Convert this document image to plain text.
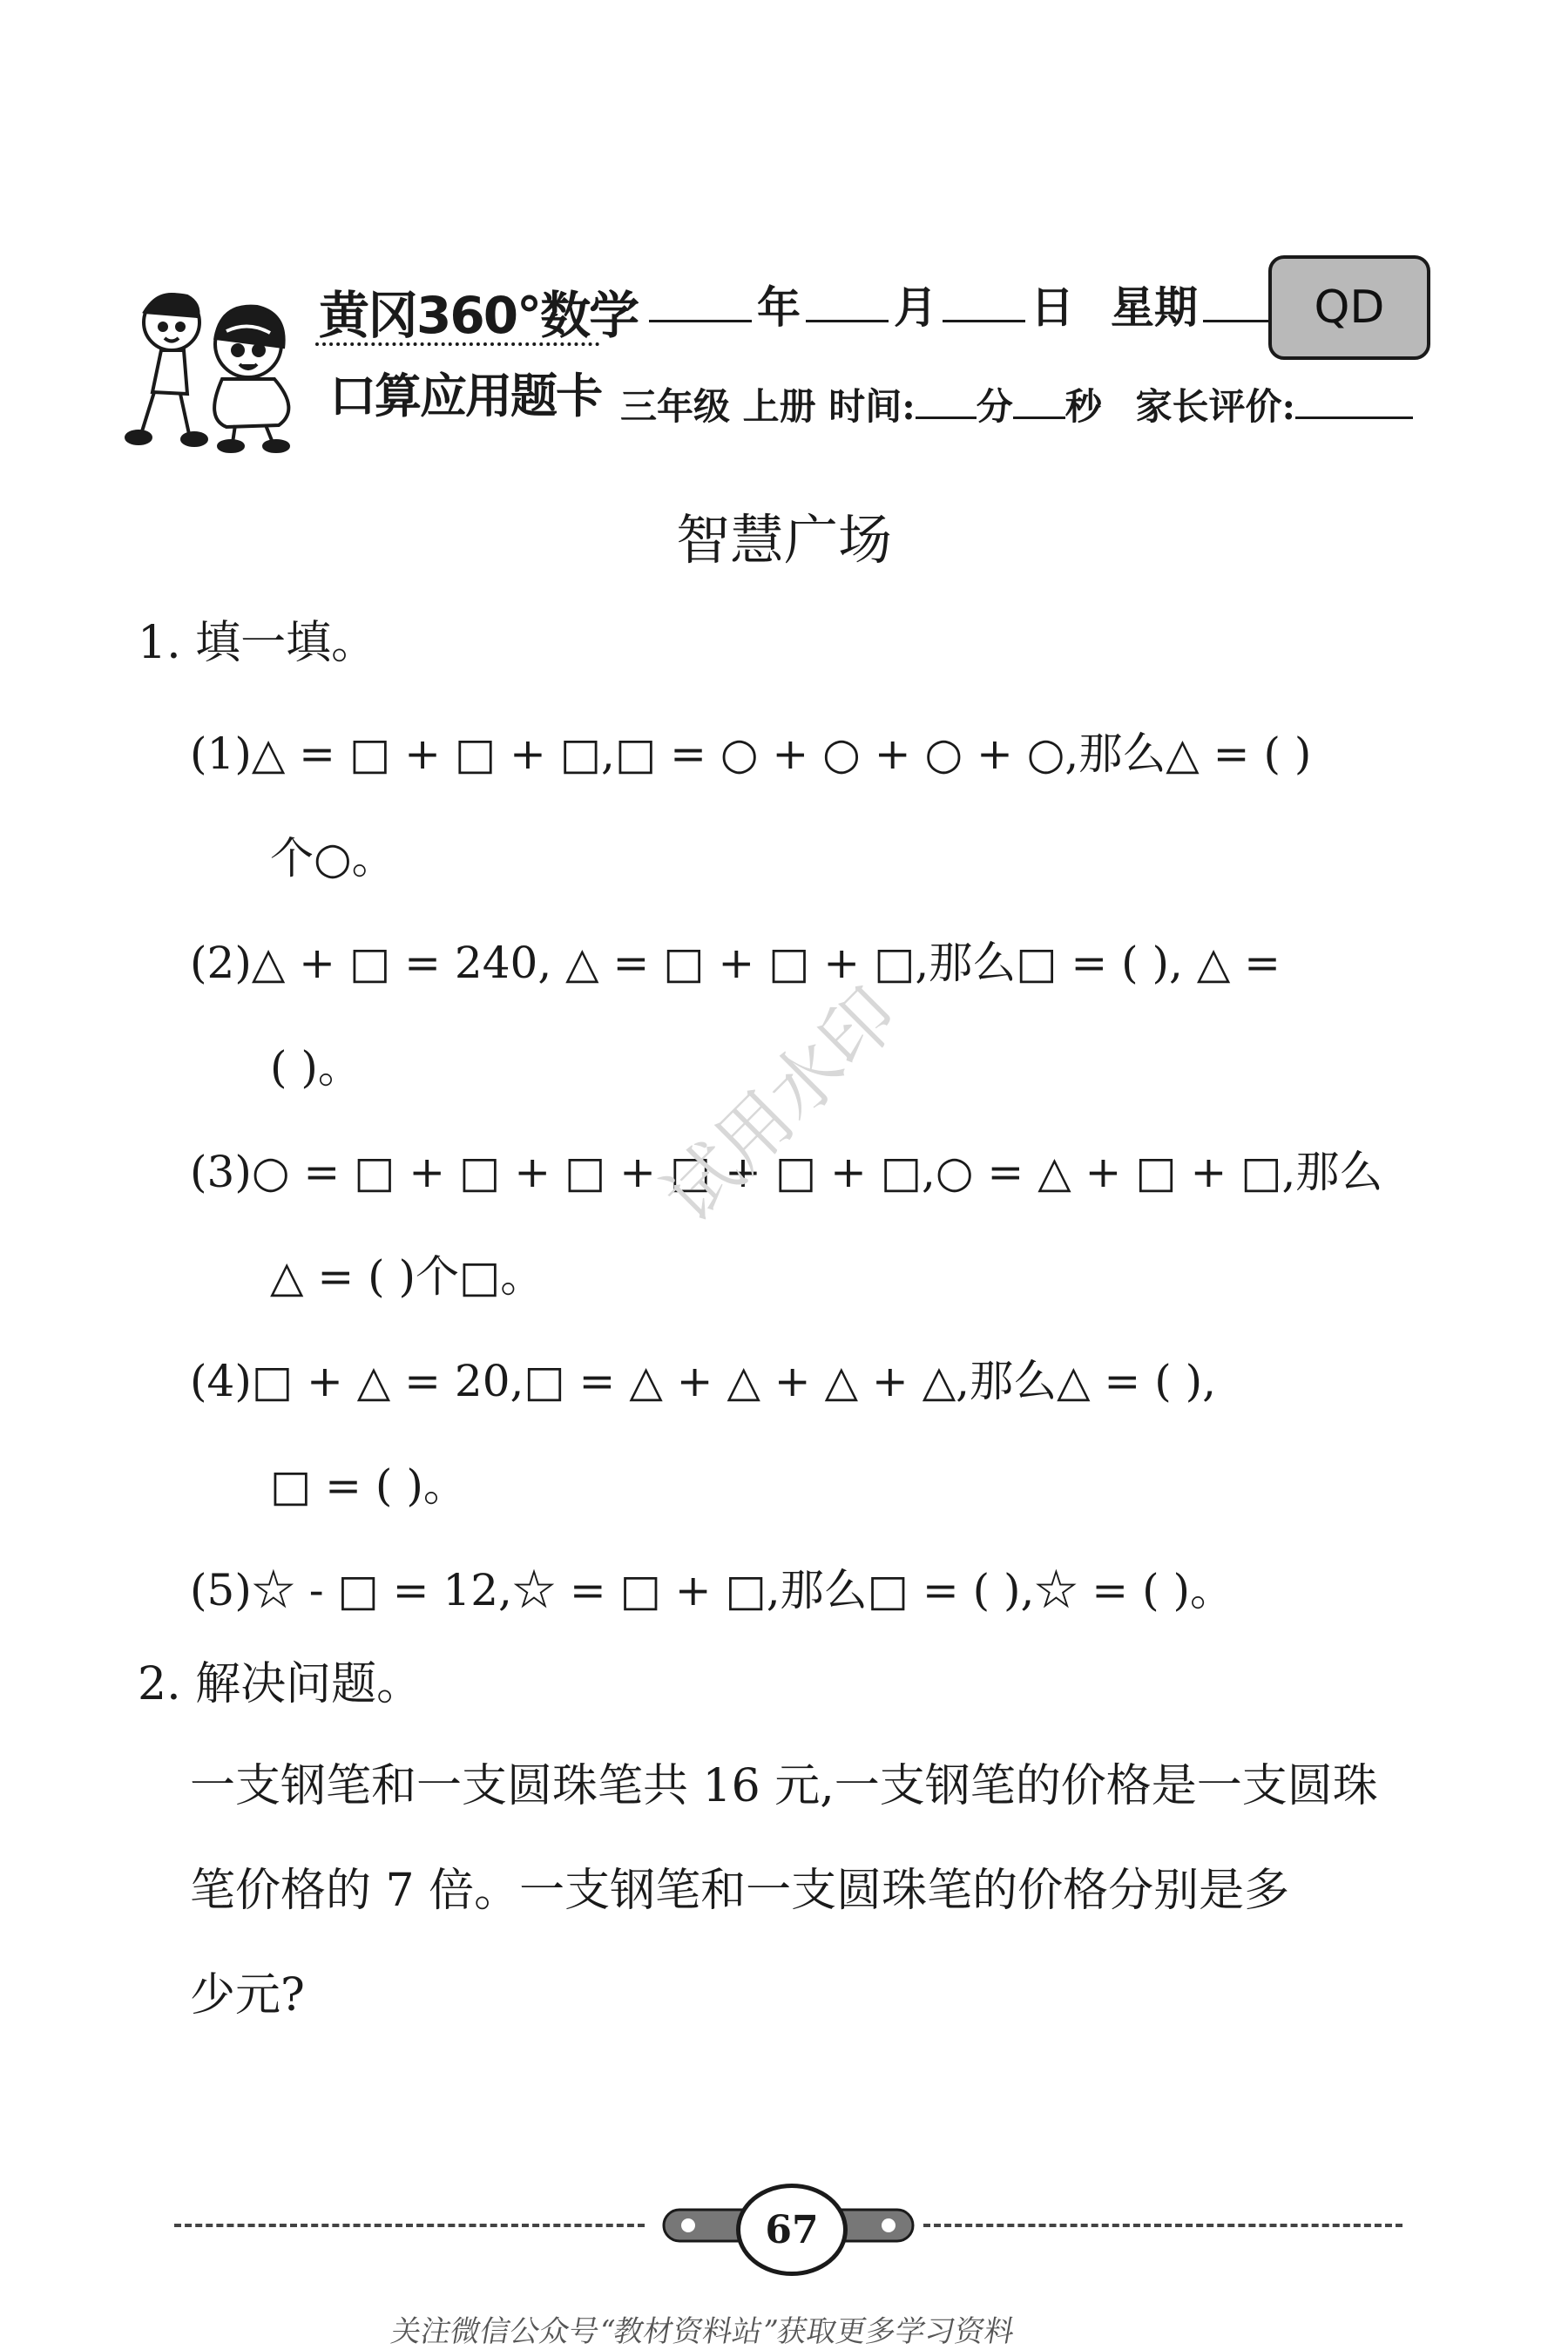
黄冈360°数学
口算应用题卡
年 月 日 星期	QD
三年级 上册 时间: 分 秒 家长评价:
智慧广场
1. 填一填。
(1)△ = □ + □ + □,□ = ○ + ○ + ○ + ○,那么△ = ( )
个○。
(2)△ + □ = 240, △ = □ + □ + □,那么□ = ( ), △ =
( )。
(3)○ = □ + □ + □ + □ + □ + □,○ = △ + □ + □,那么
△ = ( )个□。
(4)□ + △ = 20,□ = △ + △ + △ + △,那么△ = ( ),
□ = ( )。
(5)☆ - □ = 12,☆ = □ + □,那么□ = ( ),☆ = ( )。
2. 解决问题。
一支钢笔和一支圆珠笔共 16 元,一支钢笔的价格是一支圆珠
笔价格的 7 倍。一支钢笔和一支圆珠笔的价格分别是多
少元?
试用水印
67
关注微信公众号“教材资料站”获取更多学习资料
